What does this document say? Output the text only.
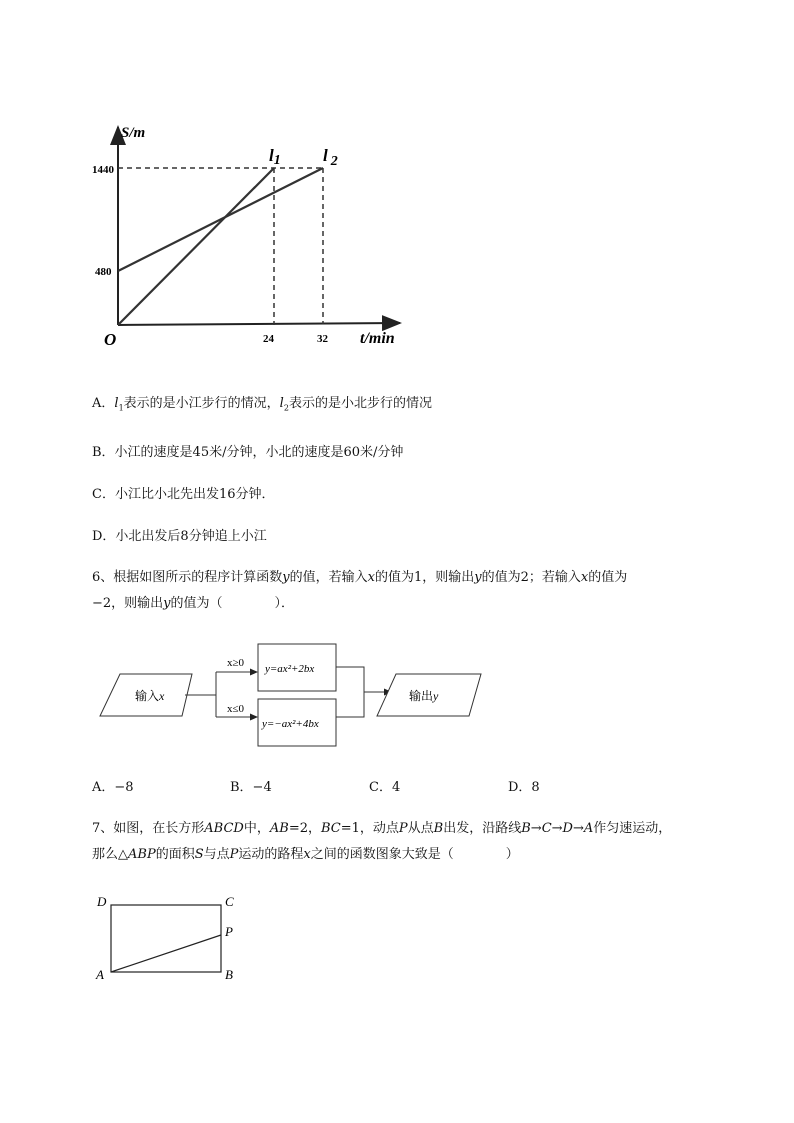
S/m
t/min
O
1440
480
24	32
l1 l $_2$
A．$l_1$表示的是小江步行的情况，$l_2$表示的是小北步行的情况
B．小江的速度是45米/分钟，小北的速度是60米/分钟
C．小江比小北先出发16分钟．
D．小北出发后8分钟追上小江
6、根据如图所示的程序计算函数y的值，若输入x的值为1，则输出y的值为2；若输入x的值为
−2，则输出y的值为（　　　　）．
输入x
x≥0
x≤0
y=ax²+2bx
y=−ax²+4bx
输出y
A．−8	B．−4	C．4	D．8
7、如图，在长方形ABCD中，AB=2，BC=1，动点P从点B出发，沿路线B→C→D→A作匀速运动，
那么△ABP的面积S与点P运动的路程x之间的函数图象大致是（　　　　）
D	C
P
A	B
